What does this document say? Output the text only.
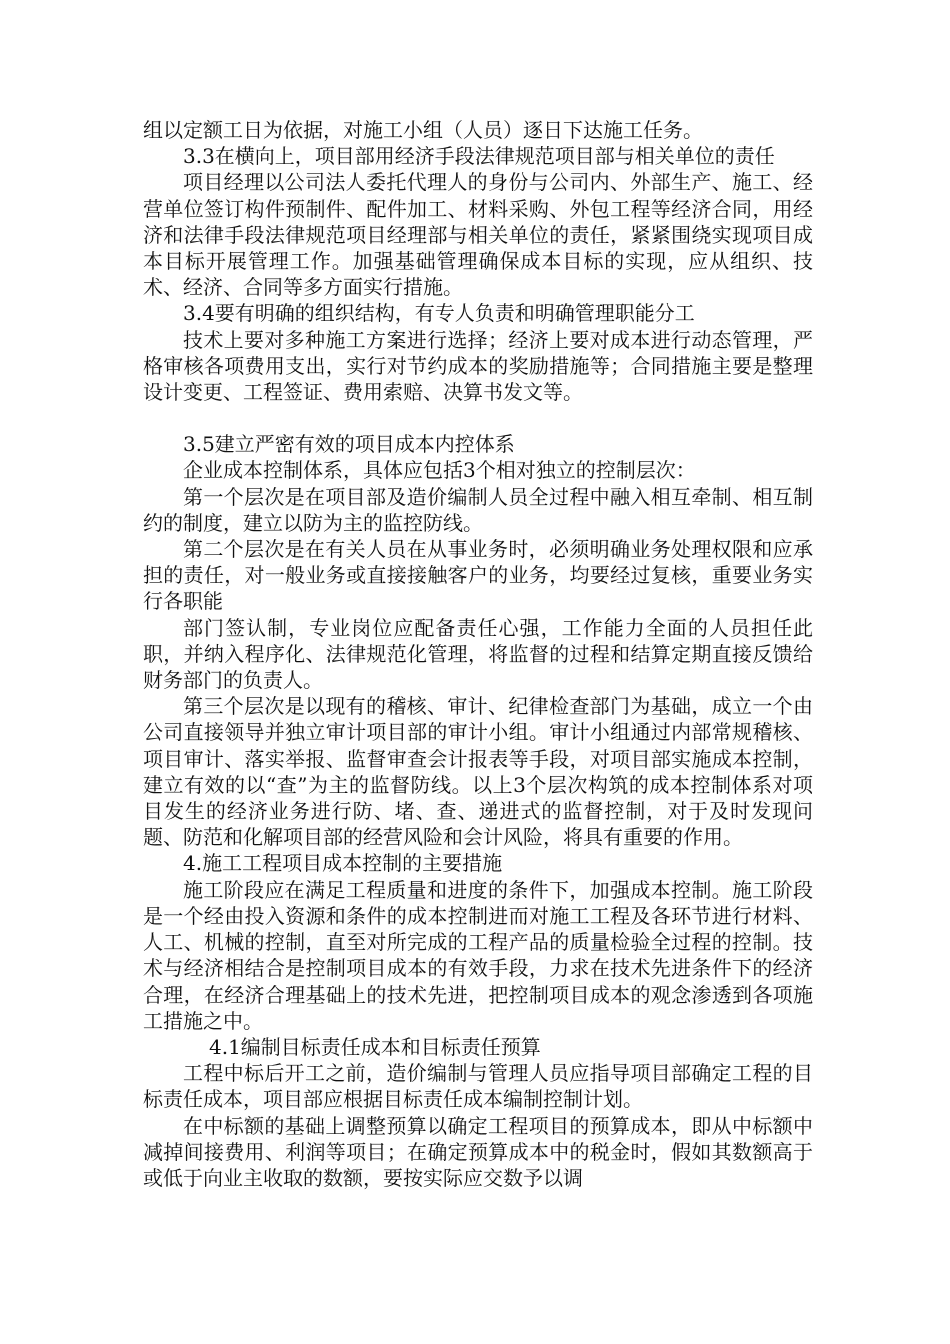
组以定额工日为依据，对施工小组（人员）逐日下达施工任务。

3.3在横向上，项目部用经济手段法律规范项目部与相关单位的责任

项目经理以公司法人委托代理人的身份与公司内、外部生产、施工、经营单位签订构件预制件、配件加工、材料采购、外包工程等经济合同，用经济和法律手段法律规范项目经理部与相关单位的责任，紧紧围绕实现项目成本目标开展管理工作。加强基础管理确保成本目标的实现，应从组织、技术、经济、合同等多方面实行措施。

3.4要有明确的组织结构，有专人负责和明确管理职能分工

技术上要对多种施工方案进行选择；经济上要对成本进行动态管理，严格审核各项费用支出，实行对节约成本的奖励措施等；合同措施主要是整理设计变更、工程签证、费用索赔、决算书发文等。

3.5建立严密有效的项目成本内控体系

企业成本控制体系，具体应包括3个相对独立的控制层次：

第一个层次是在项目部及造价编制人员全过程中融入相互牵制、相互制约的制度，建立以防为主的监控防线。

第二个层次是在有关人员在从事业务时，必须明确业务处理权限和应承担的责任，对一般业务或直接接触客户的业务，均要经过复核，重要业务实行各职能

部门签认制，专业岗位应配备责任心强，工作能力全面的人员担任此职，并纳入程序化、法律规范化管理，将监督的过程和结算定期直接反馈给财务部门的负责人。

第三个层次是以现有的稽核、审计、纪律检查部门为基础，成立一个由公司直接领导并独立审计项目部的审计小组。审计小组通过内部常规稽核、项目审计、落实举报、监督审查会计报表等手段，对项目部实施成本控制，建立有效的以“查”为主的监督防线。以上3个层次构筑的成本控制体系对项目发生的经济业务进行防、堵、查、递进式的监督控制，对于及时发现问题、防范和化解项目部的经营风险和会计风险，将具有重要的作用。

4.施工工程项目成本控制的主要措施

施工阶段应在满足工程质量和进度的条件下，加强成本控制。施工阶段是一个经由投入资源和条件的成本控制进而对施工工程及各环节进行材料、人工、机械的控制，直至对所完成的工程产品的质量检验全过程的控制。技术与经济相结合是控制项目成本的有效手段，力求在技术先进条件下的经济合理，在经济合理基础上的技术先进，把控制项目成本的观念渗透到各项施工措施之中。

4.1编制目标责任成本和目标责任预算

工程中标后开工之前，造价编制与管理人员应指导项目部确定工程的目标责任成本，项目部应根据目标责任成本编制控制计划。

在中标额的基础上调整预算以确定工程项目的预算成本，即从中标额中减掉间接费用、利润等项目；在确定预算成本中的税金时，假如其数额高于或低于向业主收取的数额，要按实际应交数予以调
